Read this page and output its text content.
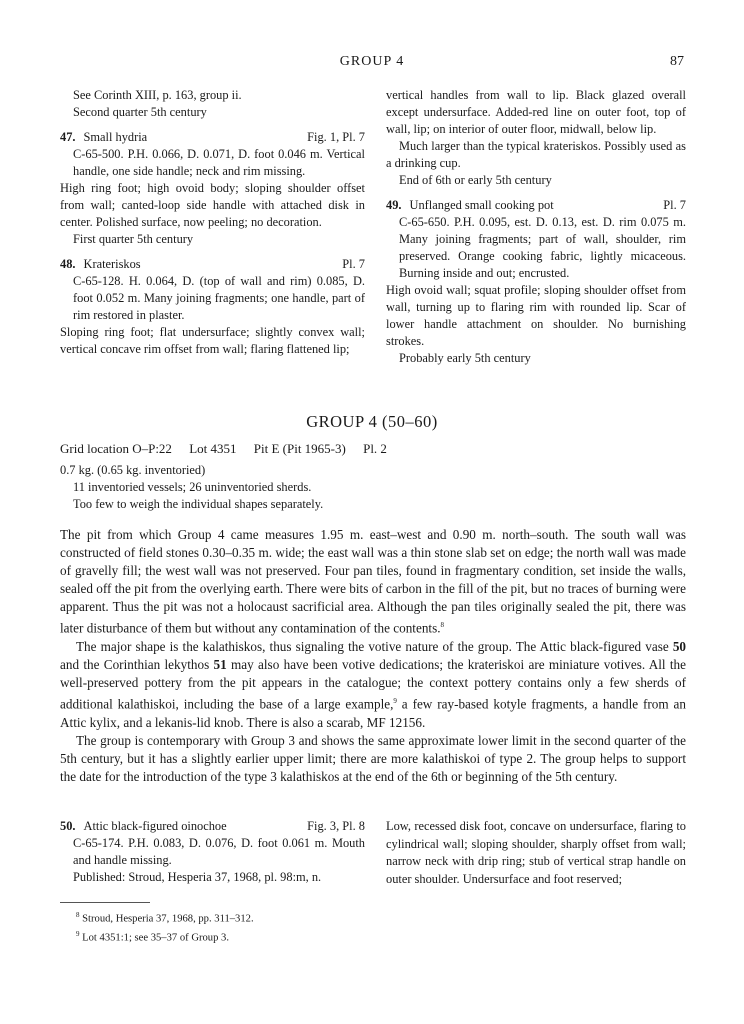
GROUP 4	87

See Corinth XIII, p. 163, group ii.

Second quarter 5th century

47. Small hydria	Fig. 1, Pl. 7

C-65-500. P.H. 0.066, D. 0.071, D. foot 0.046 m. Vertical handle, one side handle; neck and rim missing.

High ring foot; high ovoid body; sloping shoulder offset from wall; canted-loop side handle with attached disk in center. Polished surface, now peeling; no decoration.

First quarter 5th century

48. Krateriskos	Pl. 7

C-65-128. H. 0.064, D. (top of wall and rim) 0.085, D. foot 0.052 m. Many joining fragments; one handle, part of rim restored in plaster.

Sloping ring foot; flat undersurface; slightly convex wall; vertical concave rim offset from wall; flaring flattened lip;

vertical handles from wall to lip. Black glazed overall except undersurface. Added-red line on outer foot, top of wall, lip; on interior of outer floor, midwall, below lip.

Much larger than the typical krateriskos. Possibly used as a drinking cup.

End of 6th or early 5th century

49. Unflanged small cooking pot	Pl. 7

C-65-650. P.H. 0.095, est. D. 0.13, est. D. rim 0.075 m. Many joining fragments; part of wall, shoulder, rim preserved. Orange cooking fabric, lightly micaceous. Burning inside and out; encrusted.

High ovoid wall; squat profile; sloping shoulder offset from wall, turning up to flaring rim with rounded lip. Scar of lower handle attachment on shoulder. No burnishing strokes.

Probably early 5th century

GROUP 4 (50–60)
Grid location O–P:22 Lot 4351 Pit E (Pit 1965-3) Pl. 2
0.7 kg. (0.65 kg. inventoried)
11 inventoried vessels; 26 uninventoried sherds.
Too few to weigh the individual shapes separately.

The pit from which Group 4 came measures 1.95 m. east–west and 0.90 m. north–south. The south wall was constructed of field stones 0.30–0.35 m. wide; the east wall was a thin stone slab set on edge; the north wall was made of gravelly fill; the west wall was not preserved. Four pan tiles, found in fragmentary condition, set inside the walls, sealed off the pit from the overlying earth. There were bits of carbon in the fill of the pit, but no traces of burning were apparent. Thus the pit was not a holocaust sacrificial area. Although the pan tiles originally sealed the pit, there was later disturbance of them but without any contamination of the contents.$^8$

The major shape is the kalathiskos, thus signaling the votive nature of the group. The Attic black-figured vase 50 and the Corinthian lekythos 51 may also have been votive dedications; the krateriskoi are miniature votives. All the well-preserved pottery from the pit appears in the catalogue; the context pottery contains only a few sherds of additional kalathiskoi, including the base of a large example,$^9$ a few ray-based kotyle fragments, a handle from an Attic kylix, and a lekanis-lid knob. There is also a scarab, MF 12156.

The group is contemporary with Group 3 and shows the same approximate lower limit in the second quarter of the 5th century, but it has a slightly earlier upper limit; there are more kalathiskoi of type 2. The group helps to support the date for the introduction of the type 3 kalathiskos at the end of the 6th or beginning of the 5th century.

50. Attic black-figured oinochoe	Fig. 3, Pl. 8

C-65-174. P.H. 0.083, D. 0.076, D. foot 0.061 m. Mouth and handle missing.

Published: Stroud, Hesperia 37, 1968, pl. 98:m, n.

Low, recessed disk foot, concave on undersurface, flaring to cylindrical wall; sloping shoulder, sharply offset from wall; narrow neck with drip ring; stub of vertical strap handle on outer shoulder. Undersurface and foot reserved;

$^8$ Stroud, Hesperia 37, 1968, pp. 311–312.
$^9$ Lot 4351:1; see 35–37 of Group 3.
